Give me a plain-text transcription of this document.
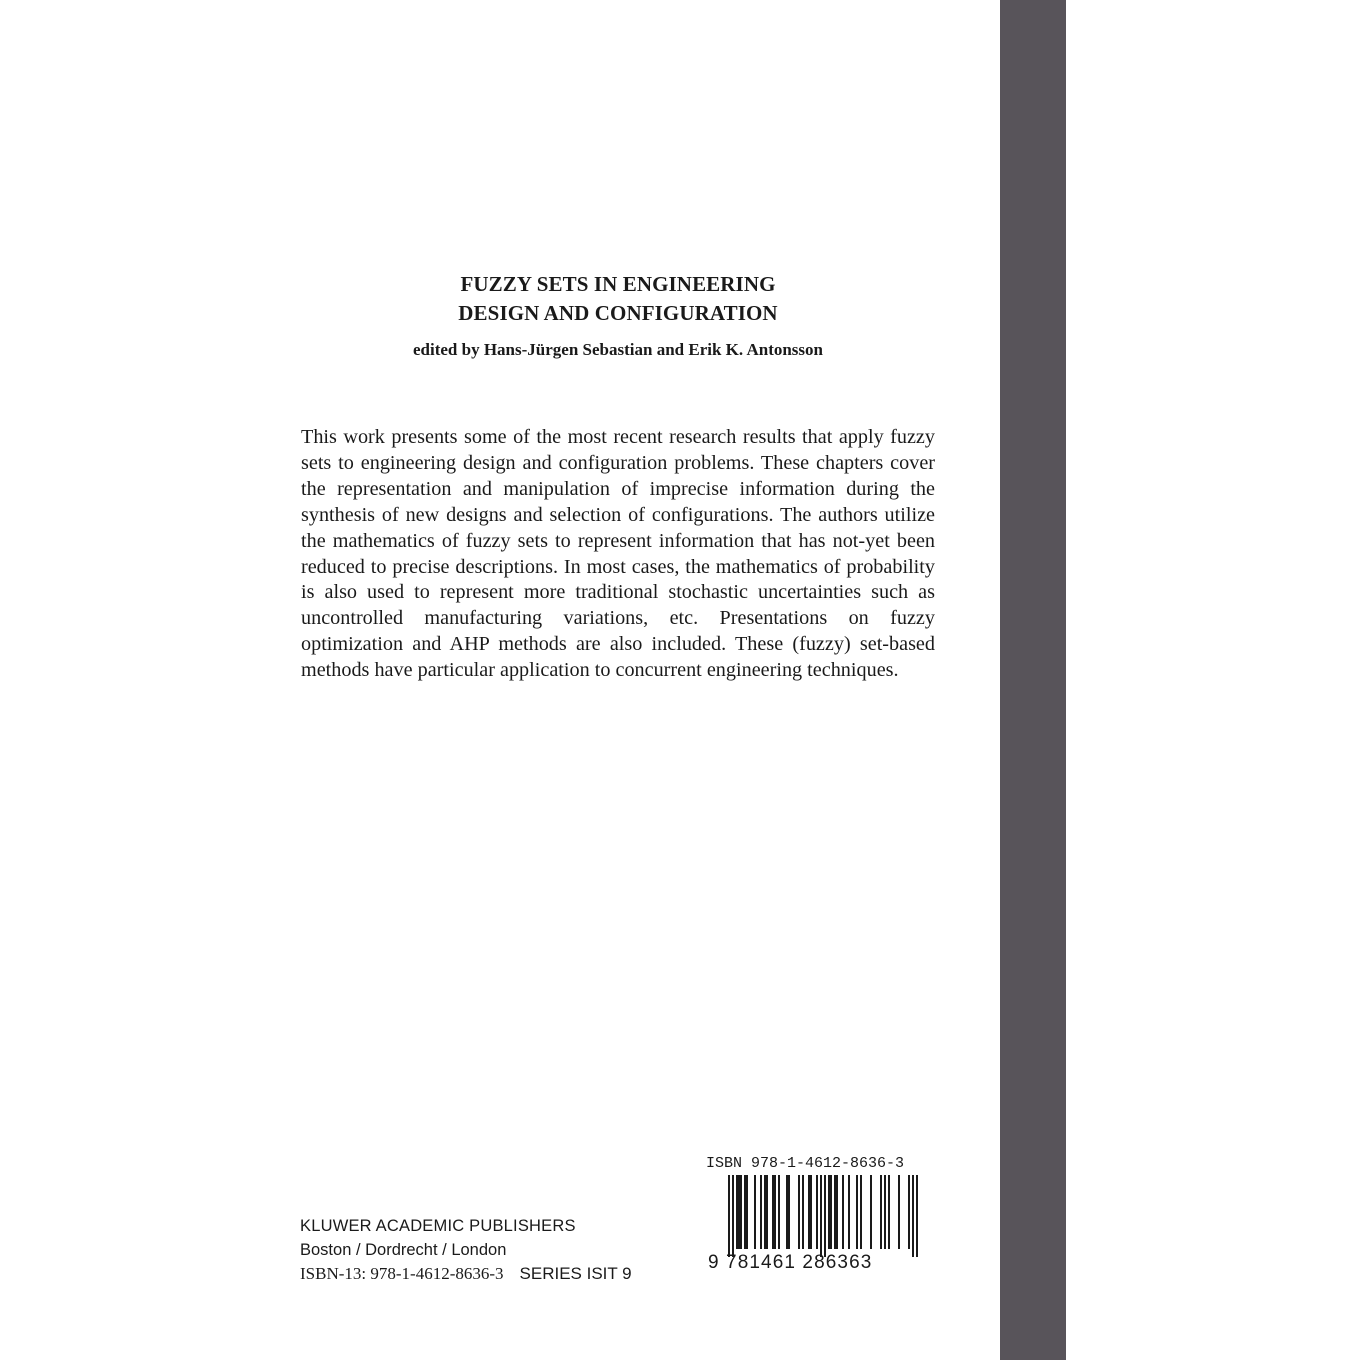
FUZZY SETS IN ENGINEERING
DESIGN AND CONFIGURATION
edited by Hans-Jürgen Sebastian and Erik K. Antonsson

This work presents some of the most recent research results that apply fuzzy sets to engineering design and configuration problems. These chapters cover the representation and manipulation of imprecise information during the synthesis of new designs and selection of configurations. The authors utilize the mathematics of fuzzy sets to represent information that has not-yet been reduced to precise descriptions. In most cases, the mathematics of probability is also used to represent more traditional stochastic uncertainties such as uncontrolled manufacturing variations, etc. Presentations on fuzzy optimization and AHP methods are also included. These (fuzzy) set-based methods have particular application to concurrent engineering techniques.

KLUWER ACADEMIC PUBLISHERS
Boston / Dordrecht / London
ISBN-13: 978-1-4612-8636-3 SERIES ISIT 9
ISBN 978-1-4612-8636-3
9 781461 286363
